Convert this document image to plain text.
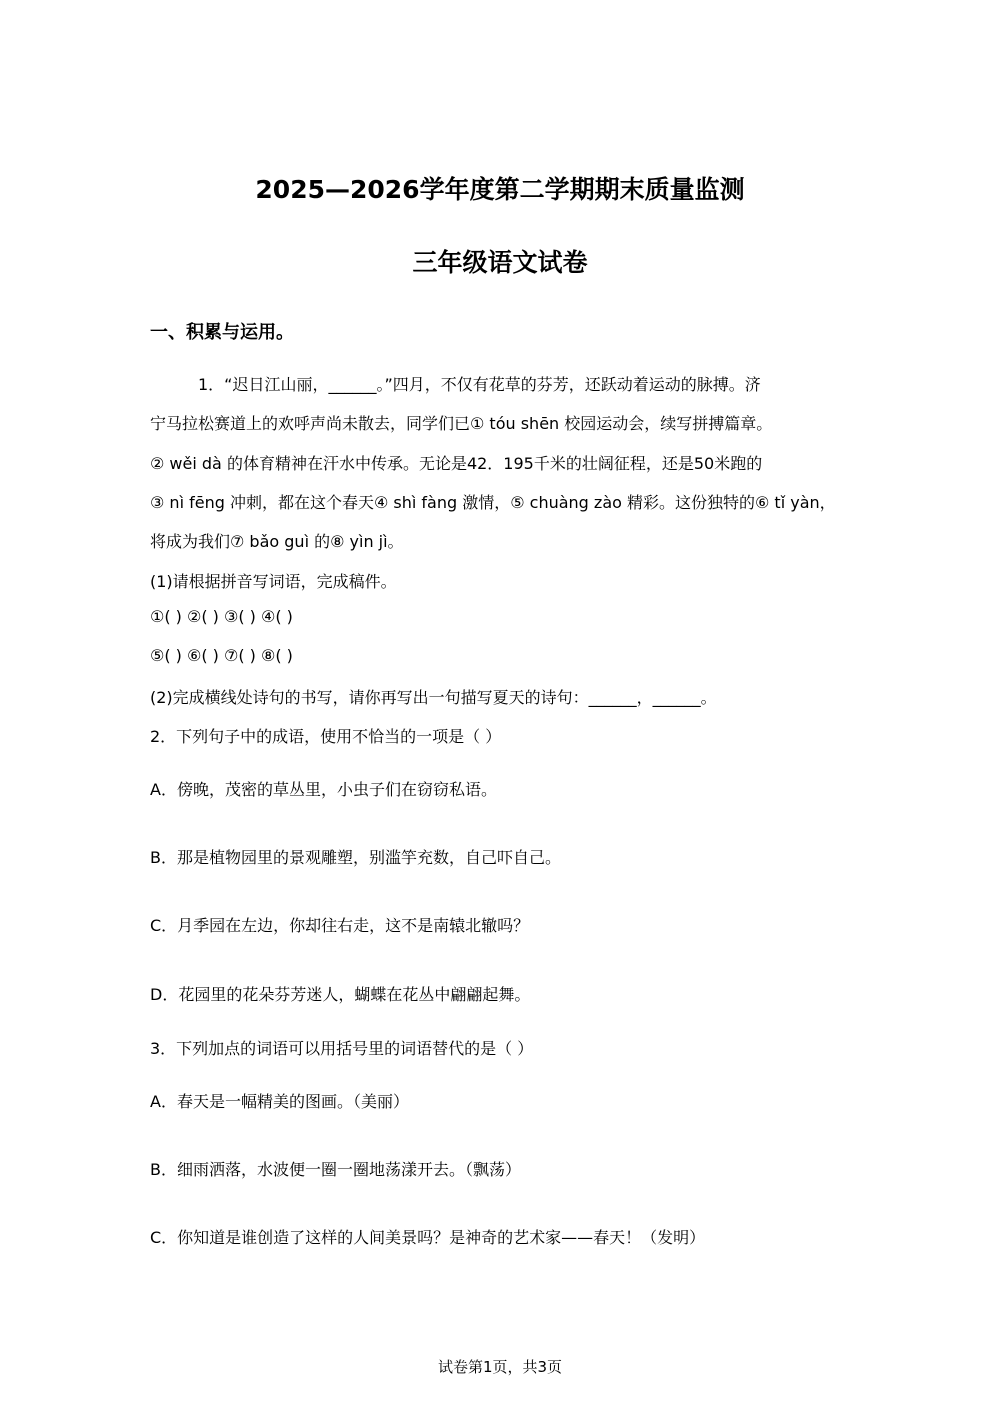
2025—2026学年度第二学期期末质量监测
三年级语文试卷
一、积累与运用。
1．“迟日江山丽，______。”四月，不仅有花草的芬芳，还跃动着运动的脉搏。济
宁马拉松赛道上的欢呼声尚未散去，同学们已① tóu shēn 校园运动会，续写拼搏篇章。
② wěi dà 的体育精神在汗水中传承。无论是42．195千米的壮阔征程，还是50米跑的
③ nì fēng 冲刺，都在这个春天④ shì fàng 激情，⑤ chuàng zào 精彩。这份独特的⑥ tǐ yàn，
将成为我们⑦ bǎo guì 的⑧ yìn jì。
(1)请根据拼音写词语，完成稿件。
①( ) ②( ) ③( ) ④( )
⑤( ) ⑥( ) ⑦( ) ⑧( )
(2)完成横线处诗句的书写，请你再写出一句描写夏天的诗句：______，______。
2．下列句子中的成语，使用不恰当的一项是（ ）
A．傍晚，茂密的草丛里，小虫子们在窃窃私语。
B．那是植物园里的景观雕塑，别滥竽充数，自己吓自己。
C．月季园在左边，你却往右走，这不是南辕北辙吗？
D．花园里的花朵芬芳迷人，蝴蝶在花丛中翩翩起舞。
3．下列加点的词语可以用括号里的词语替代的是（ ）
A．春天是一幅精美的图画。（美丽）
B．细雨洒落，水波便一圈一圈地荡漾开去。（飘荡）
C．你知道是谁创造了这样的人间美景吗？是神奇的艺术家——春天！（发明）
试卷第1页，共3页
